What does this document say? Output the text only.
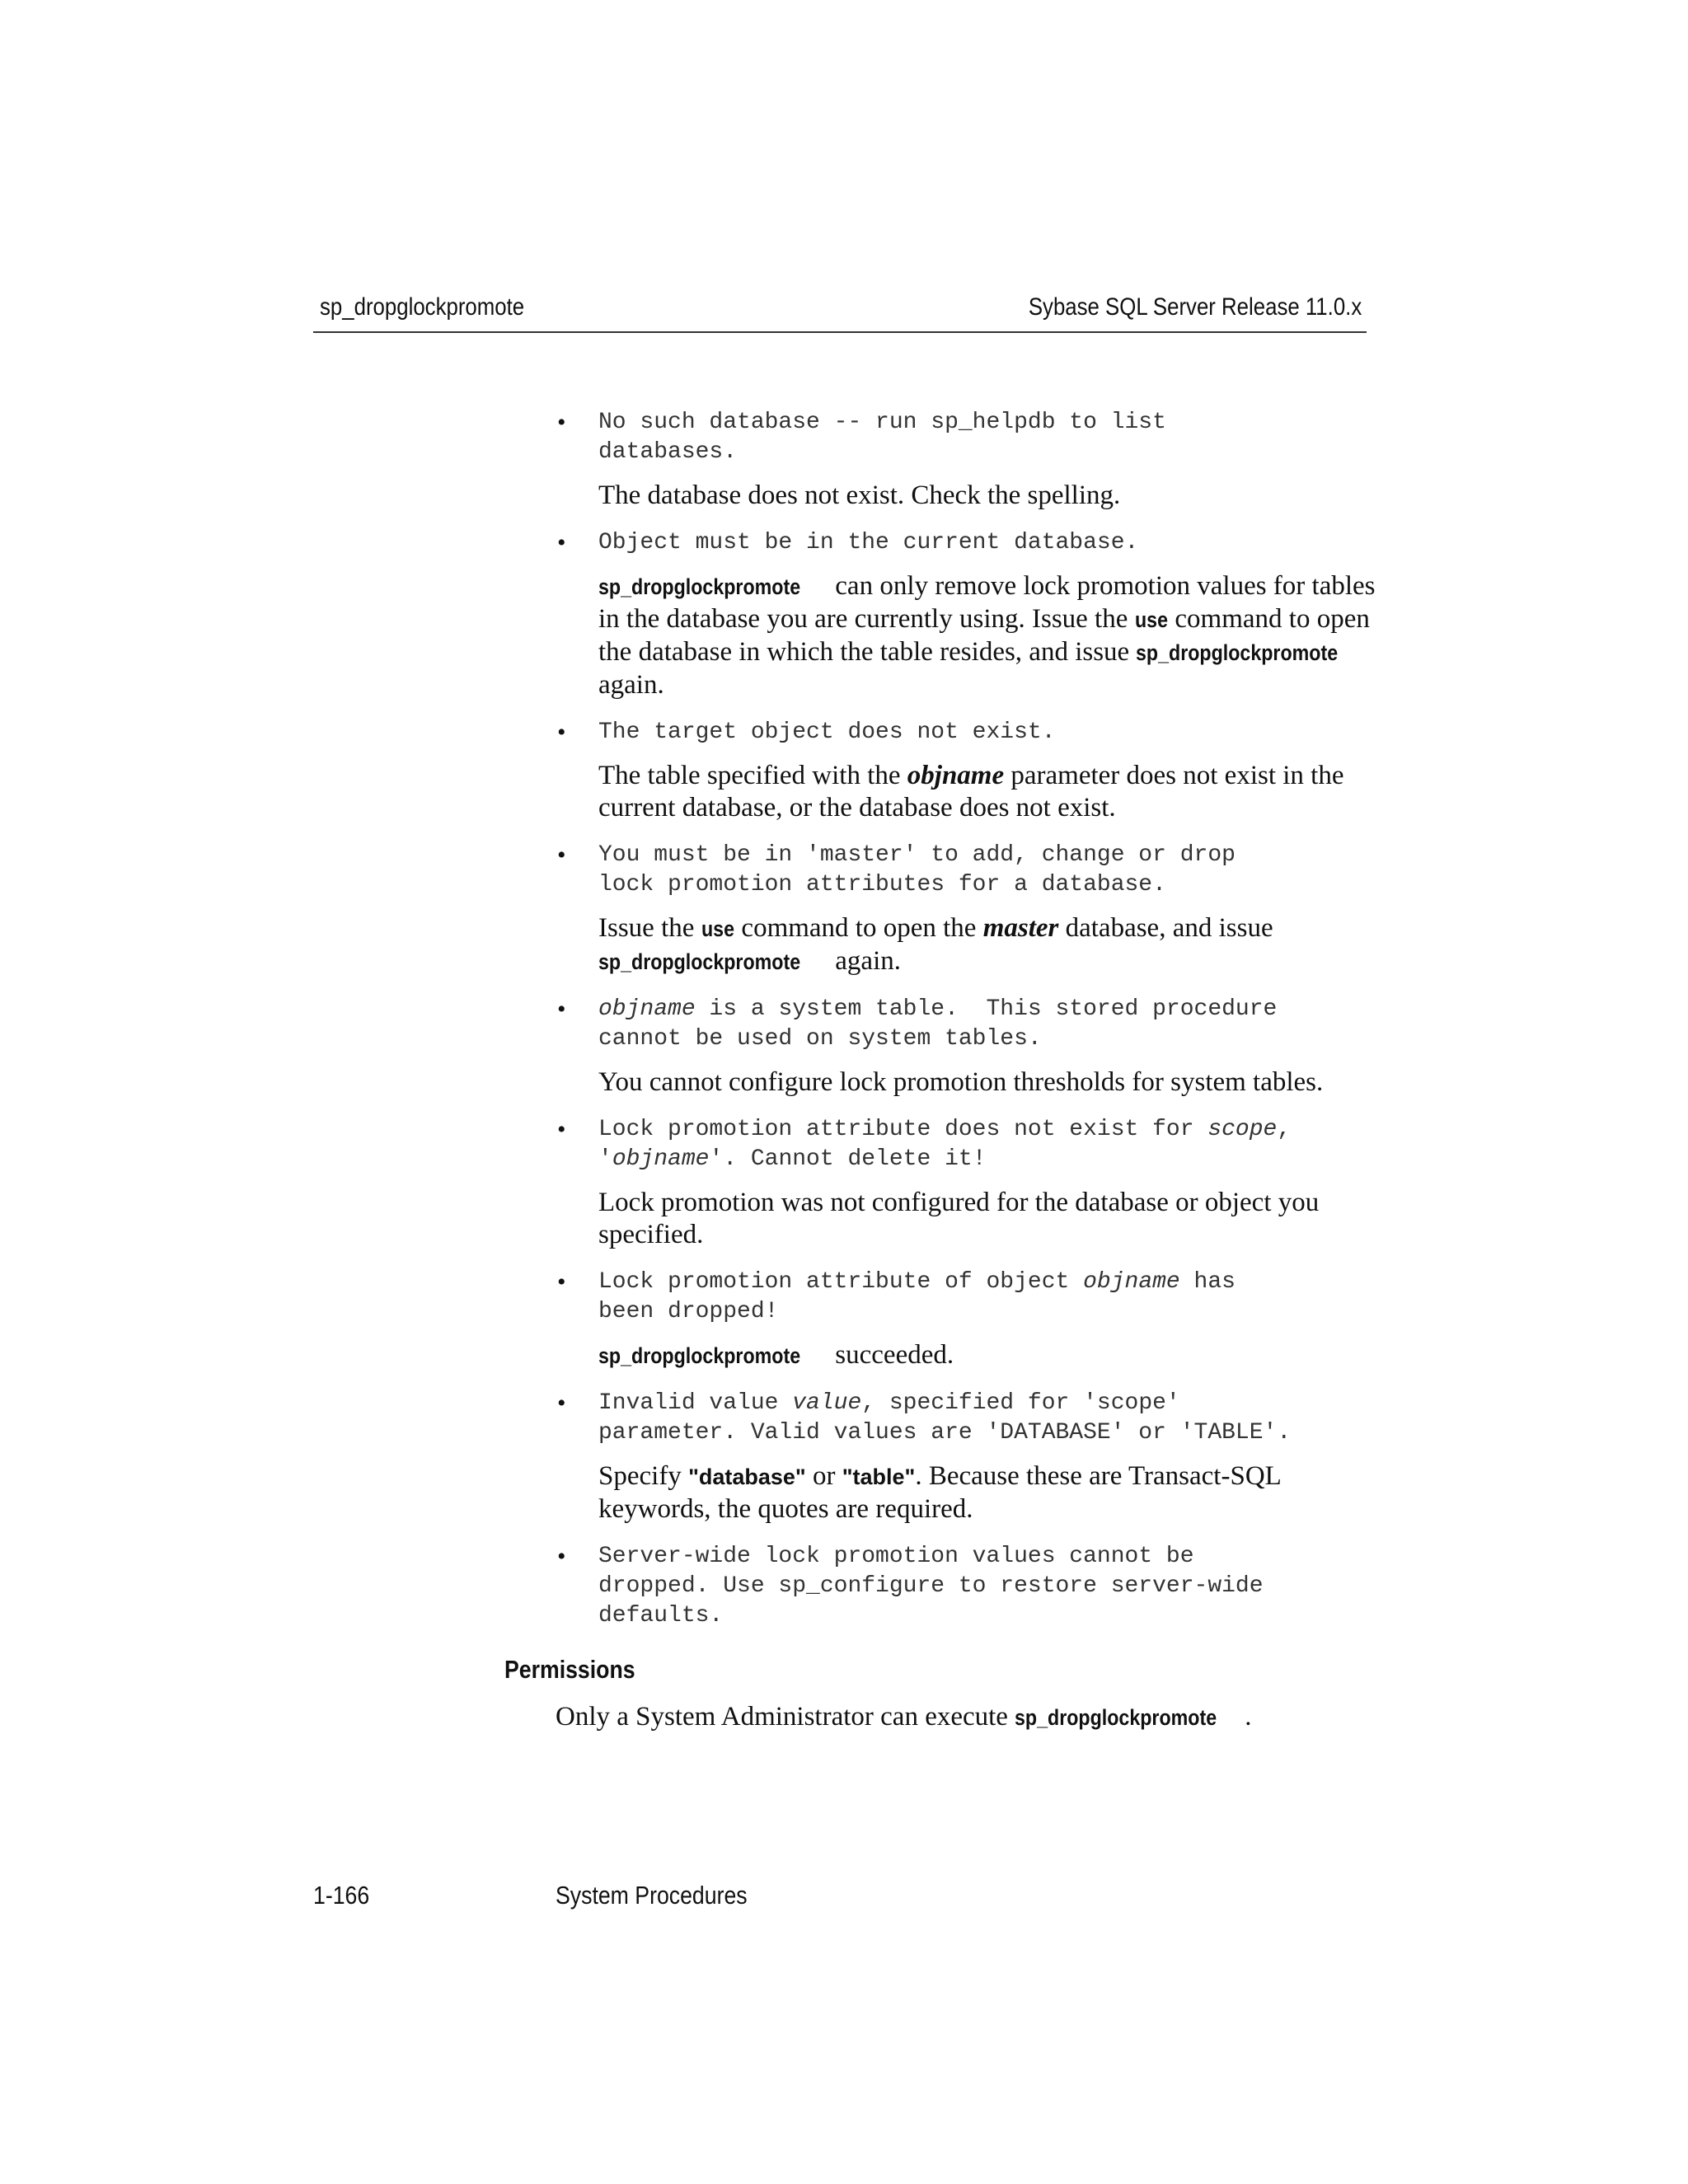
sp_dropglockpromote	Sybase SQL Server Release 11.0.x
• No such database -- run sp_helpdb to list
databases.

The database does not exist. Check the spelling.

• Object must be in the current database.

sp_dropglockpromote can only remove lock promotion values for tables in the database you are currently using. Issue the use command to open the database in which the table resides, and issue sp_dropglockpromote again.

• The target object does not exist.

The table specified with the objname parameter does not exist in the current database, or the database does not exist.

• You must be in 'master' to add, change or drop
lock promotion attributes for a database.

Issue the use command to open the master database, and issue sp_dropglockpromote again.

• objname is a system table.  This stored procedure
cannot be used on system tables.

You cannot configure lock promotion thresholds for system tables.

• Lock promotion attribute does not exist for scope,
'objname'. Cannot delete it!

Lock promotion was not configured for the database or object you specified.

• Lock promotion attribute of object objname has
been dropped!

sp_dropglockpromote succeeded.

• Invalid value value, specified for 'scope'
parameter. Valid values are 'DATABASE' or 'TABLE'.

Specify "database" or "table". Because these are Transact-SQL keywords, the quotes are required.

• Server-wide lock promotion values cannot be
dropped. Use sp_configure to restore server-wide
defaults.

Permissions
Only a System Administrator can execute sp_dropglockpromote .
1-166	System Procedures
